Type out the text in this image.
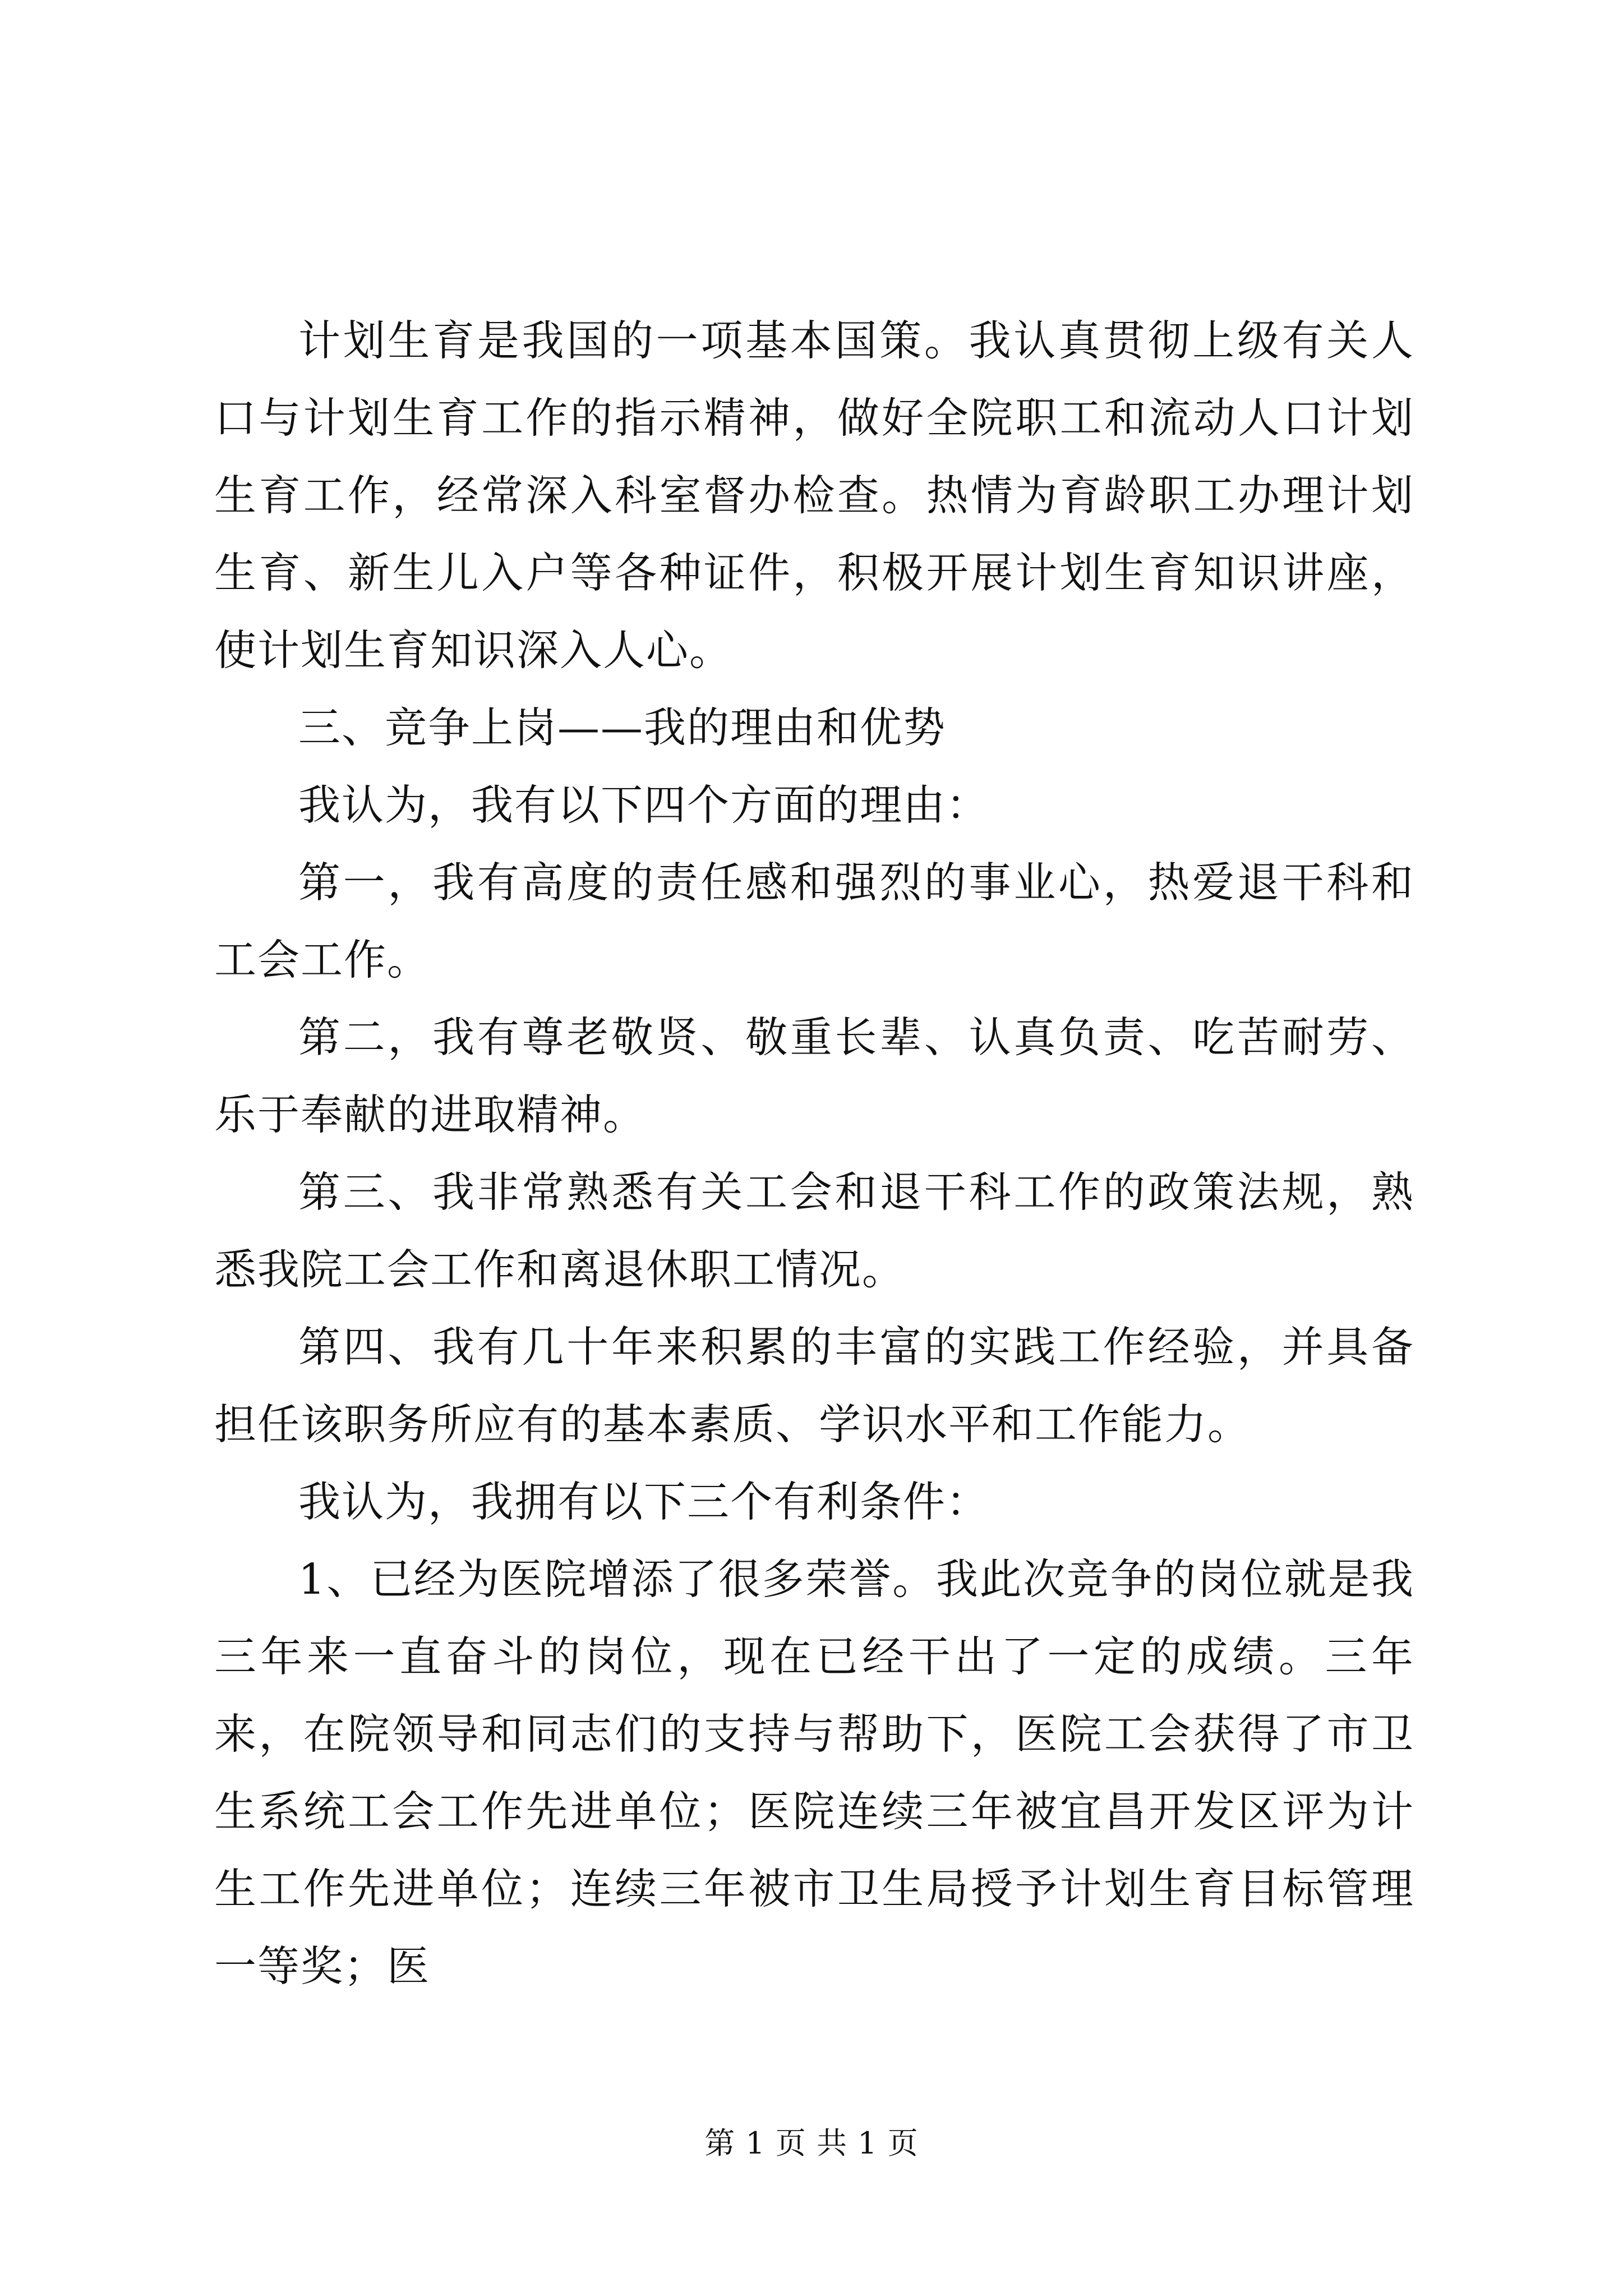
计划生育是我国的一项基本国策。我认真贯彻上级有关人口与计划生育工作的指示精神，做好全院职工和流动人口计划生育工作，经常深入科室督办检查。热情为育龄职工办理计划生育、新生儿入户等各种证件，积极开展计划生育知识讲座，使计划生育知识深入人心。

三、竞争上岗——我的理由和优势

我认为，我有以下四个方面的理由：

第一，我有高度的责任感和强烈的事业心，热爱退干科和工会工作。

第二，我有尊老敬贤、敬重长辈、认真负责、吃苦耐劳、乐于奉献的进取精神。

第三、我非常熟悉有关工会和退干科工作的政策法规，熟悉我院工会工作和离退休职工情况。

第四、我有几十年来积累的丰富的实践工作经验，并具备担任该职务所应有的基本素质、学识水平和工作能力。

我认为，我拥有以下三个有利条件：

1、已经为医院增添了很多荣誉。我此次竞争的岗位就是我三年来一直奋斗的岗位，现在已经干出了一定的成绩。三年来，在院领导和同志们的支持与帮助下，医院工会获得了市卫生系统工会工作先进单位；医院连续三年被宜昌开发区评为计生工作先进单位；连续三年被市卫生局授予计划生育目标管理一等奖；医

第 1 页 共 1 页
